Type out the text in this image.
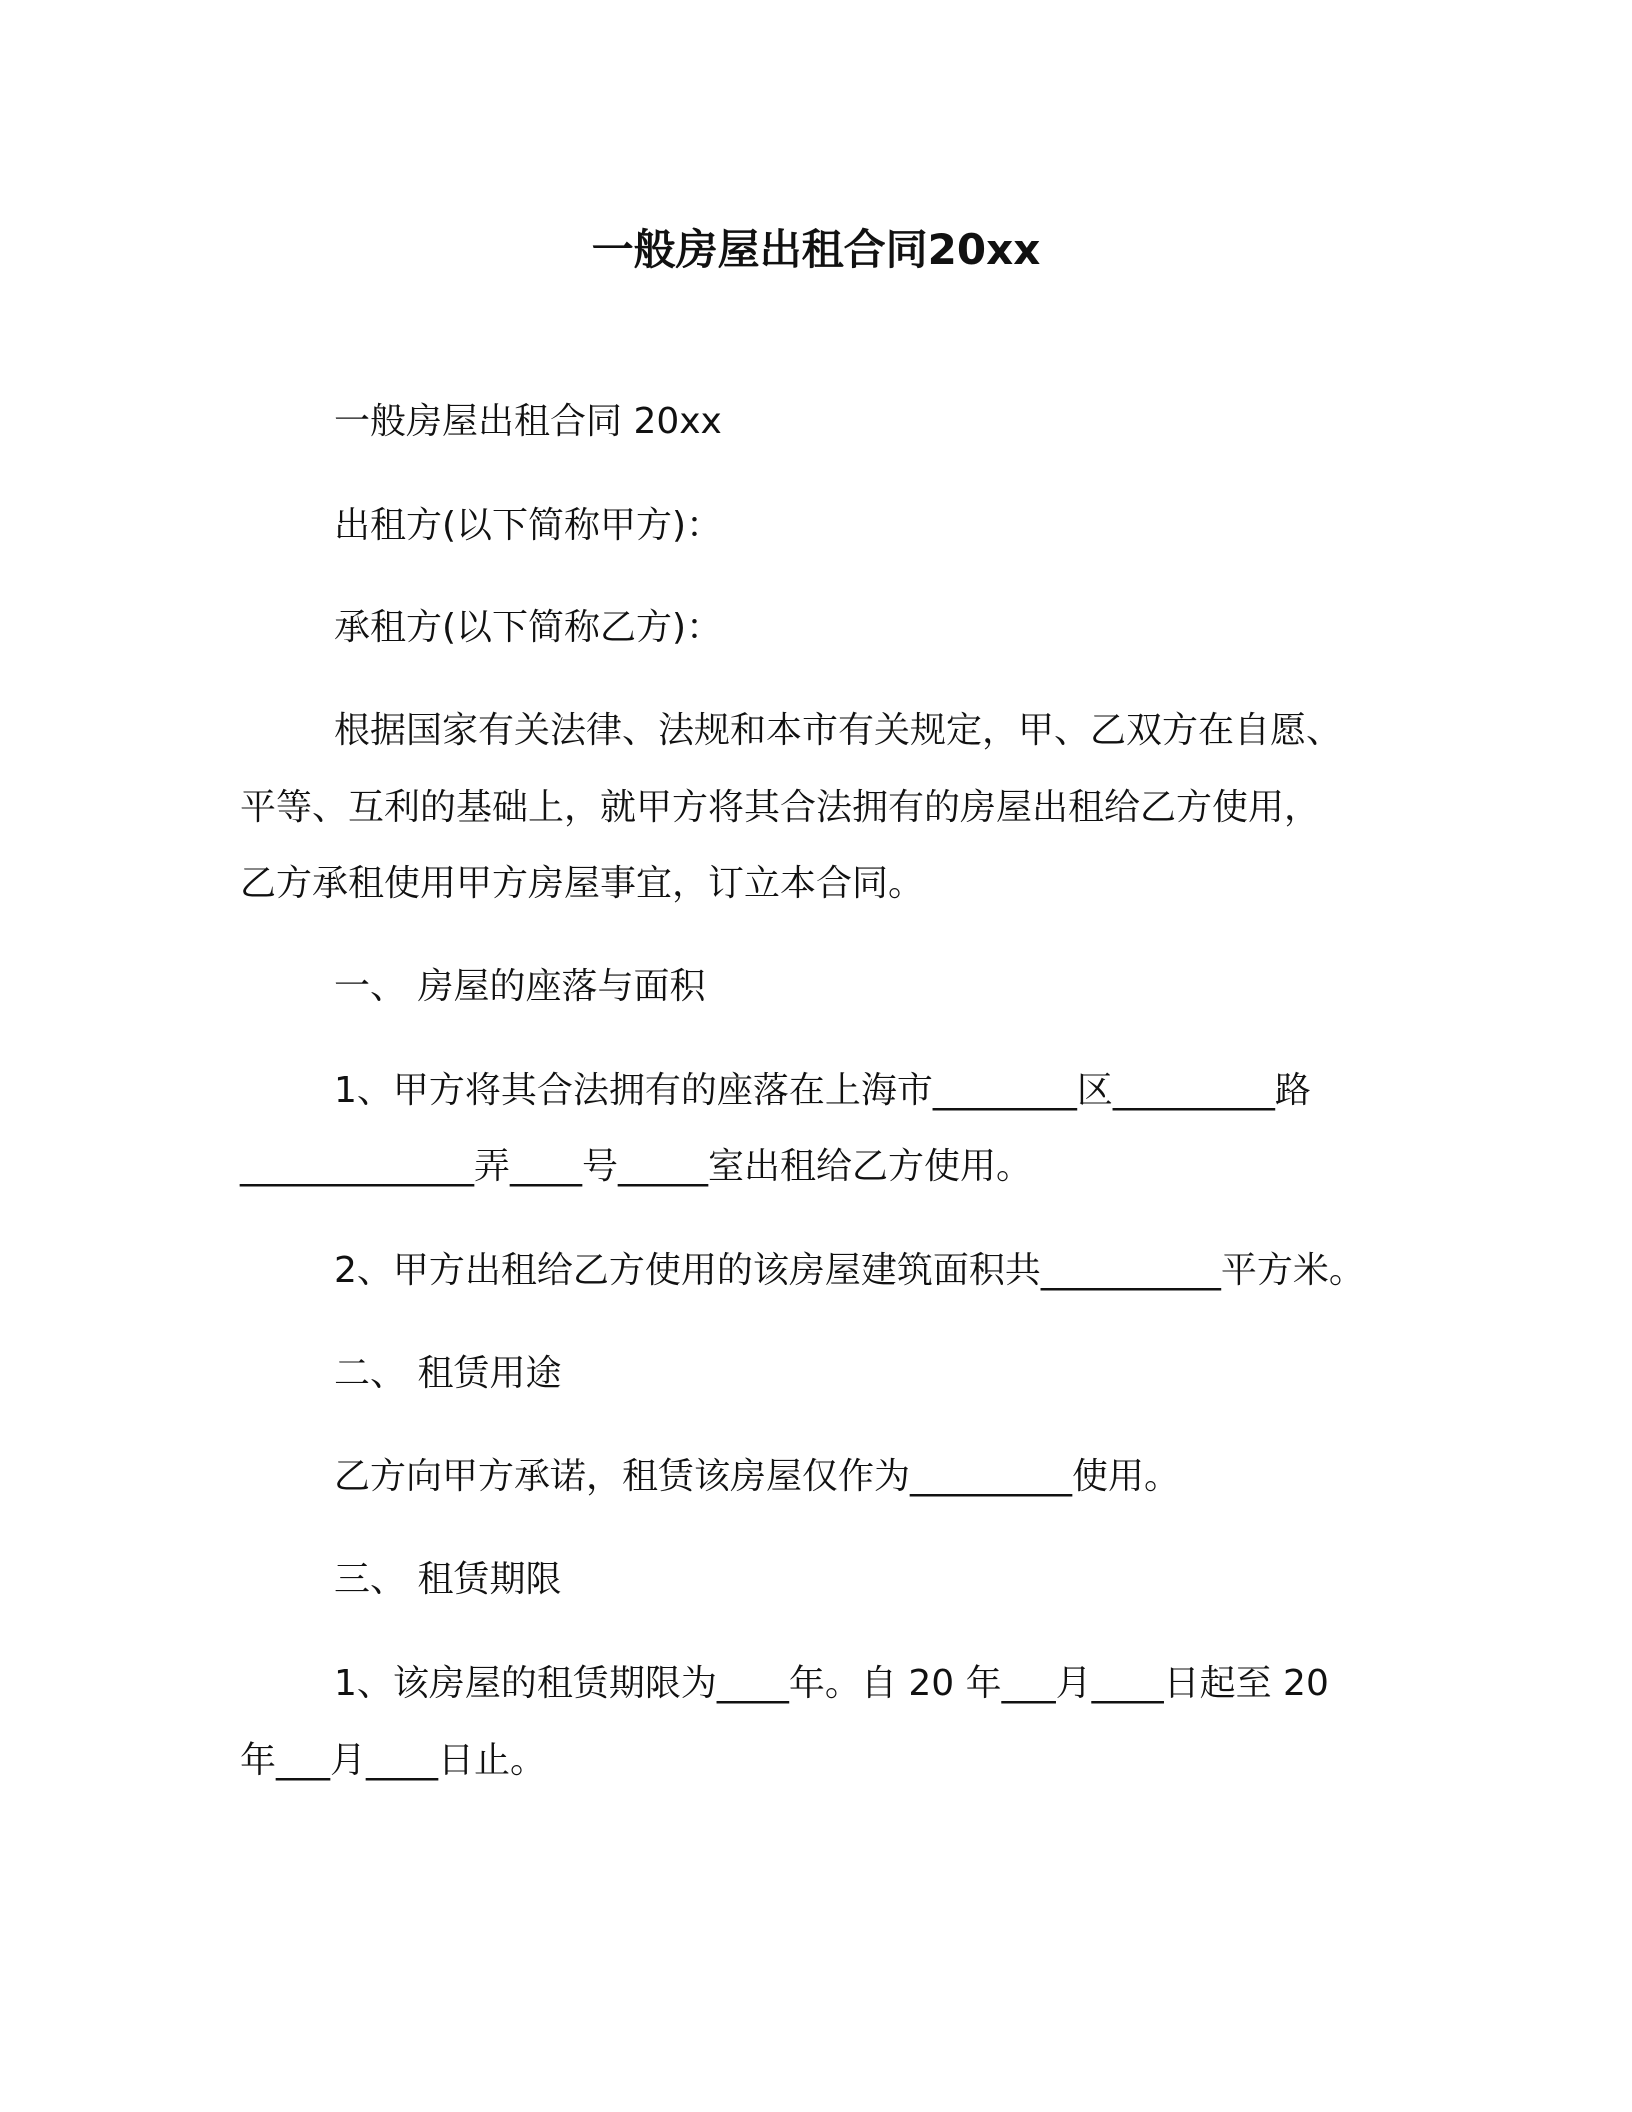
一般房屋出租合同20xx
一般房屋出租合同 20xx
出租方(以下简称甲方)：
承租方(以下简称乙方)：
根据国家有关法律、法规和本市有关规定，甲、乙双方在自愿、
平等、互利的基础上，就甲方将其合法拥有的房屋出租给乙方使用，
乙方承租使用甲方房屋事宜，订立本合同。
一、 房屋的座落与面积
1、甲方将其合法拥有的座落在上海市________区_________路
_____________弄____号_____室出租给乙方使用。
2、甲方出租给乙方使用的该房屋建筑面积共__________平方米。
二、 租赁用途
乙方向甲方承诺，租赁该房屋仅作为_________使用。
三、 租赁期限
1、该房屋的租赁期限为____年。自 20 年___月____日起至 20
年___月____日止。
